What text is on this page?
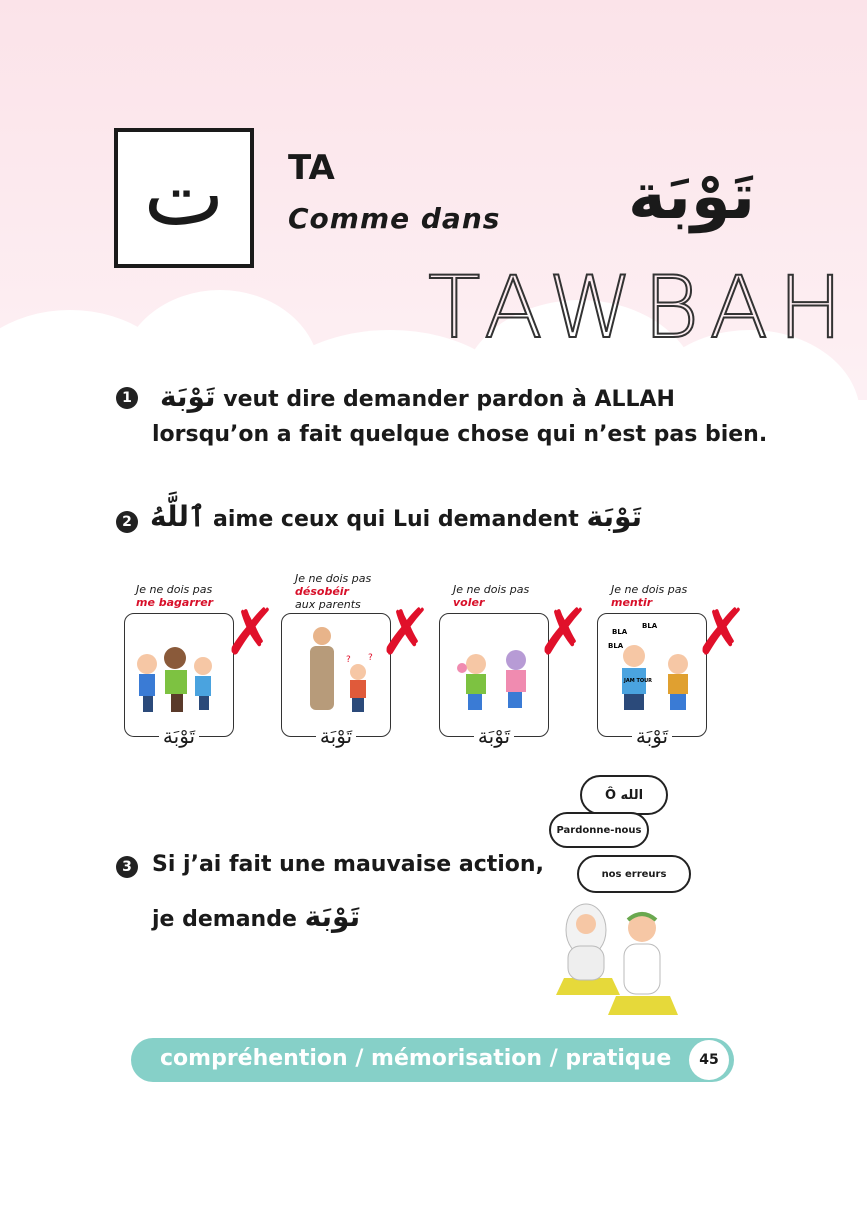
ت TA
Comme dans تَوْبَة
TAWBAH
1 تَوْبَة veut dire demander pardon à ALLAH
lorsqu’on a fait quelque chose qui n’est pas bien.
2 ٱللَّهُ aime ceux qui Lui demandent تَوْبَة
Je ne dois pas
me bagarrer
تَوْبَة
✗
Je ne dois pas
désobéir
aux parents
? ?
تَوْبَة
✗
Je ne dois pas
voler
تَوْبَة
✗
Je ne dois pas
mentir
BLA
BLA
BLA
JAM TOUR
تَوْبَة
✗
3 Si j’ai fait une mauvaise action,
je demande تَوْبَة
Ô الله
Pardonne-nous
nos erreurs
compréhention / mémorisation / pratique	45
